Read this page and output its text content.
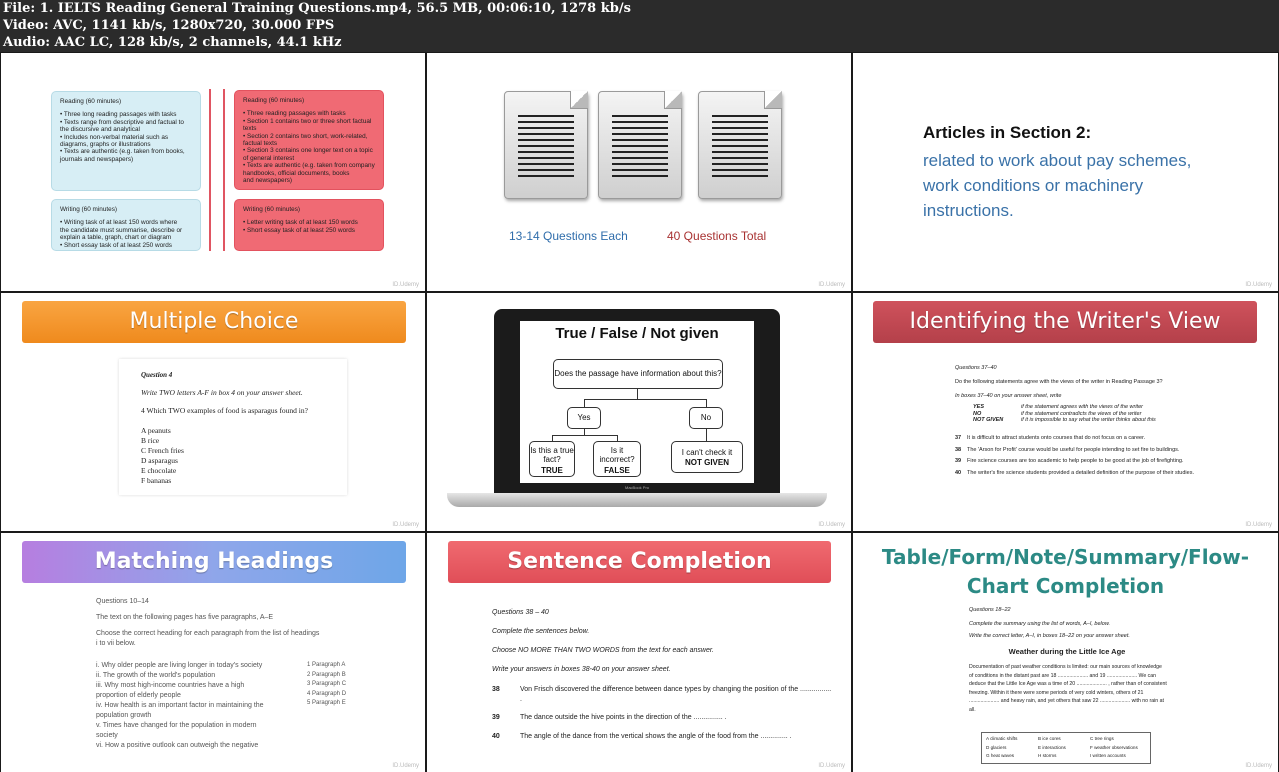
File: 1. IELTS Reading General Training Questions.mp4, 56.5 MB, 00:06:10, 1278 kb/s
Video: AVC, 1141 kb/s, 1280x720, 30.000 FPS
Audio: AAC LC, 128 kb/s, 2 channels, 44.1 kHz
Reading (60 minutes)
• Three long reading passages with tasks
• Texts range from descriptive and factual to
the discursive and analytical
• Includes non-verbal material such as
diagrams, graphs or illustrations
• Texts are authentic (e.g. taken from books,
journals and newspapers)
Writing (60 minutes)
• Writing task of at least 150 words where
the candidate must summarise, describe or
explain a table, graph, chart or diagram
• Short essay task of at least 250 words
Reading (60 minutes)
• Three reading passages with tasks
• Section 1 contains two or three short factual
texts
• Section 2 contains two short, work-related,
factual texts
• Section 3 contains one longer text on a topic
of general interest
• Texts are authentic (e.g. taken from company
handbooks, official documents, books
and newspapers)
Writing (60 minutes)
• Letter writing task of at least 150 words
• Short essay task of at least 250 words
ID.Udemy
13-14 Questions Each	40 Questions Total
ID.Udemy
Articles in Section 2:
related to work about pay schemes, work conditions or machinery instructions.
ID.Udemy
Multiple Choice
Question 4
Write TWO letters A-F in box 4 on your answer sheet.
4 Which TWO examples of food is asparagus found in?
A peanuts
B rice
C French fries
D asparagus
E chocolate
F bananas
ID.Udemy
True / False / Not given
Does the passage have information about this?
Yes	No
Is this a true fact?
TRUE
Is it incorrect?
FALSE
I can't check it
NOT GIVEN
MacBook Pro
ID.Udemy
Identifying the Writer's View
Questions 37–40
Do the following statements agree with the views of the writer in Reading Passage 3?
In boxes 37–40 on your answer sheet, write
YES	if the statement agrees with the views of the writer
NO	if the statement contradicts the views of the writer
NOT GIVEN	if it is impossible to say what the writer thinks about this
37	It is difficult to attract students onto courses that do not focus on a career.
38	The 'Arson for Profit' course would be useful for people intending to set fire to buildings.
39	Fire science courses are too academic to help people to be good at the job of firefighting.
40	The writer's fire science students provided a detailed definition of the purpose of their studies.
ID.Udemy
Matching Headings
Questions 10–14
The text on the following pages has five paragraphs, A–E
Choose the correct heading for each paragraph from the list of headings
i to vii below.
i. Why older people are living longer in today's society
ii. The growth of the world's population
iii. Why most high-income countries have a high
proportion of elderly people
iv. How health is an important factor in maintaining the
population growth
v. Times have changed for the population in modern
society
vi. How a positive outlook can outweigh the negative
1 Paragraph A
2 Paragraph B
3 Paragraph C
4 Paragraph D
5 Paragraph E
ID.Udemy
Sentence Completion
Questions 38 – 40
Complete the sentences below.
Choose NO MORE THAN TWO WORDS from the text for each answer.
Write your answers in boxes 38-40 on your answer sheet.
38	Von Frisch discovered the difference between dance types by changing the position of the ................ .
39	The dance outside the hive points in the direction of the ............... .
40	The angle of the dance from the vertical shows the angle of the food from the .............. .
ID.Udemy
Table/Form/Note/Summary/Flow-Chart Completion
Questions 18–22
Complete the summary using the list of words, A–I, below.
Write the correct letter, A–I, in boxes 18–22 on your answer sheet.
Weather during the Little Ice Age
Documentation of past weather conditions is limited: our main sources of knowledge of conditions in the distant past are 18 ..................... and 19 ..................... We can deduce that the Little Ice Age was a time of 20 ..................... , rather than of consistent freezing. Within it there were some periods of very cold winters, others of 21 ..................... and heavy rain, and yet others that saw 22 ..................... with no rain at all.
A climatic shifts	B ice cores	C tree rings
D glaciers	E interactions	F weather observations
G heat waves	H storms	I written accounts
ID.Udemy
